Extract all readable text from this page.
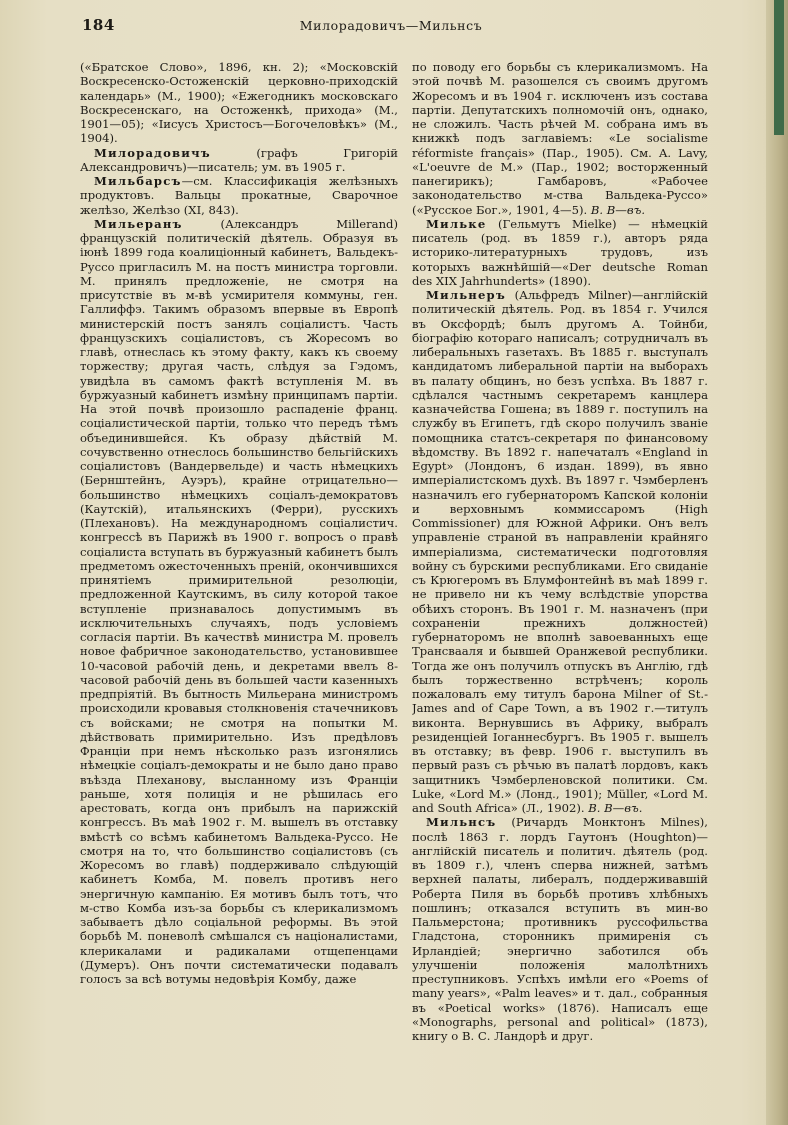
184	Милорадовичъ—Мильнсъ

(«Братское Слово», 1896, кн. 2); «Московскій Воскресенско-Остоженскій церковно-приходскій календарь» (М., 1900); «Ежегодникъ московскаго Воскресенскаго, на Остоженкѣ, прихода» (М., 1901—05); «Іисусъ Христосъ—Богочеловѣкъ» (М., 1904).

Милорадовичъ (графъ Григорій Александровичъ)—писатель; ум. въ 1905 г.

Мильбарсъ—см. Классификація желѣзныхъ продуктовъ. Вальцы прокатные, Сварочное желѣзо, Желѣзо (XI, 843).

Мильеранъ (Александръ Millerand) французскій политическій дѣятель. Образуя въ іюнѣ 1899 года коалиціонный кабинетъ, Вальдекъ-Руссо пригласилъ М. на постъ министра торговли. М. принялъ предложеніе, не смотря на присутствіе въ м-вѣ усмирителя коммуны, ген. Галлиффэ. Такимъ образомъ впервые въ Европѣ министерскій постъ занялъ соціалистъ. Часть французскихъ соціалистовъ, съ Жоресомъ во главѣ, отнеслась къ этому факту, какъ къ своему торжеству; другая часть, слѣдуя за Гэдомъ, увидѣла въ самомъ фактѣ вступленія М. въ буржуазный кабинетъ измѣну принципамъ партіи. На этой почвѣ произошло распаденіе франц. соціалистической партіи, только что передъ тѣмъ объединившейся. Къ образу дѣйствій М. сочувственно отнеслось большинство бельгійскихъ соціалистовъ (Вандервельде) и часть нѣмецкихъ (Бернштейнъ, Ауэръ), крайне отрицательно—большинство нѣмецкихъ соціалъ-демократовъ (Каутскій), итальянскихъ (Ферри), русскихъ (Плехановъ). На международномъ соціалистич. конгрессѣ въ Парижѣ въ 1900 г. вопросъ о правѣ соціалиста вступать въ буржуазный кабинетъ былъ предметомъ ожесточенныхъ преній, окончившихся принятіемъ примирительной резолюціи, предложенной Каутскимъ, въ силу которой такое вступленіе признавалось допустимымъ въ исключительныхъ случаяхъ, подъ условіемъ согласія партіи. Въ качествѣ министра М. провелъ новое фабричное законодательство, установившее 10-часовой рабочій день, и декретами ввелъ 8-часовой рабочій день въ большей части казенныхъ предпріятій. Въ бытность Мильерана министромъ происходили кровавыя столкновенія стачечниковъ съ войсками; не смотря на попытки М. дѣйствовать примирительно. Изъ предѣловъ Франціи при немъ нѣсколько разъ изгонялись нѣмецкіе соціалъ-демократы и не было дано право въѣзда Плеханову, высланному изъ Франціи раньше, хотя полиція и не рѣшилась его арестовать, когда онъ прибылъ на парижскій конгрессъ. Въ маѣ 1902 г. М. вышелъ въ отставку вмѣстѣ со всѣмъ кабинетомъ Вальдека-Руссо. Не смотря на то, что большинство соціалистовъ (съ Жоресомъ во главѣ) поддерживало слѣдующій кабинетъ Комба, М. повелъ противъ него энергичную кампанію. Ея мотивъ былъ тотъ, что м-ство Комба изъ-за борьбы съ клерикализмомъ забываетъ дѣло соціальной реформы. Въ этой борьбѣ М. поневолѣ смѣшался съ націоналистами, клерикалами и радикалами отщепенцами (Думеръ). Онъ почти систематически подавалъ голосъ за всѣ вотумы недовѣрія Комбу, даже

по поводу его борьбы съ клерикализмомъ. На этой почвѣ М. разошелся съ своимъ другомъ Жоресомъ и въ 1904 г. исключенъ изъ состава партіи. Депутатскихъ полномочій онъ, однако, не сложилъ. Часть рѣчей М. собрана имъ въ книжкѣ подъ заглавіемъ: «Le socialisme réformiste français» (Пар., 1905). См. A. Lavy, «L'oeuvre de M.» (Пар., 1902; восторженный панегирикъ); Гамбаровъ, «Рабочее законодательство м-ства Вальдека-Руссо» («Русское Бог.», 1901, 4—5). В. В—въ.

Мильке (Гельмутъ Mielke) — нѣмецкій писатель (род. въ 1859 г.), авторъ ряда историко-литературныхъ трудовъ, изъ которыхъ важнѣйшій—«Der deutsche Roman des XIX Jahrhunderts» (1890).

Мильнеръ (Альфредъ Milner)—англійскій политическій дѣятель. Род. въ 1854 г. Учился въ Оксфордѣ; былъ другомъ А. Тойнби, біографію котораго написалъ; сотрудничалъ въ либеральныхъ газетахъ. Въ 1885 г. выступалъ кандидатомъ либеральной партіи на выборахъ въ палату общинъ, но безъ успѣха. Въ 1887 г. сдѣлался частнымъ секретаремъ канцлера казначейства Гошена; въ 1889 г. поступилъ на службу въ Египетъ, гдѣ скоро получилъ званіе помощника статсъ-секретаря по финансовому вѣдомству. Въ 1892 г. напечаталъ «England in Egypt» (Лондонъ, 6 издан. 1899), въ явно имперіалистскомъ духѣ. Въ 1897 г. Чэмберленъ назначилъ его губернаторомъ Капской колоніи и верховнымъ коммиссаромъ (High Commissioner) для Южной Африки. Онъ велъ управленіе страной въ направленіи крайняго имперіализма, систематически подготовляя войну съ бурскими республиками. Его свиданіе съ Крюгеромъ въ Блумфонтейнѣ въ маѣ 1899 г. не привело ни къ чему вслѣдствіе упорства обѣихъ сторонъ. Въ 1901 г. М. назначенъ (при сохраненіи прежнихъ должностей) губернаторомъ не вполнѣ завоеванныхъ еще Трансвааля и бывшей Оранжевой республики. Тогда же онъ получилъ отпускъ въ Англію, гдѣ былъ торжественно встрѣченъ; король пожаловалъ ему титулъ барона Milner of St.-James and of Cape Town, а въ 1902 г.—титулъ виконта. Вернувшись въ Африку, выбралъ резиденціей Іоганнесбургъ. Въ 1905 г. вышелъ въ отставку; въ февр. 1906 г. выступилъ въ первый разъ съ рѣчью въ палатѣ лордовъ, какъ защитникъ Чэмберленовской политики. См. Luke, «Lord M.» (Лонд., 1901); Müller, «Lord M. and South Africa» (Л., 1902). В. В—въ.

Мильнсъ (Ричардъ Монктонъ Milnes), послѣ 1863 г. лордъ Гаутонъ (Houghton)—англійскій писатель и политич. дѣятель (род. въ 1809 г.), членъ сперва нижней, затѣмъ верхней палаты, либералъ, поддерживавшій Роберта Пиля въ борьбѣ противъ хлѣбныхъ пошлинъ; отказался вступить въ мин-во Пальмерстона; противникъ руссофильства Гладстона, сторонникъ примиренія съ Ирландіей; энергично заботился объ улучшеніи положенія малолѣтнихъ преступниковъ. Успѣхъ имѣли его «Poems of many years», «Palm leaves» и т. дал., собранныя въ «Poetical works» (1876). Написалъ еще «Monographs, personal and political» (1873), книгу о В. С. Ландорѣ и друг.
